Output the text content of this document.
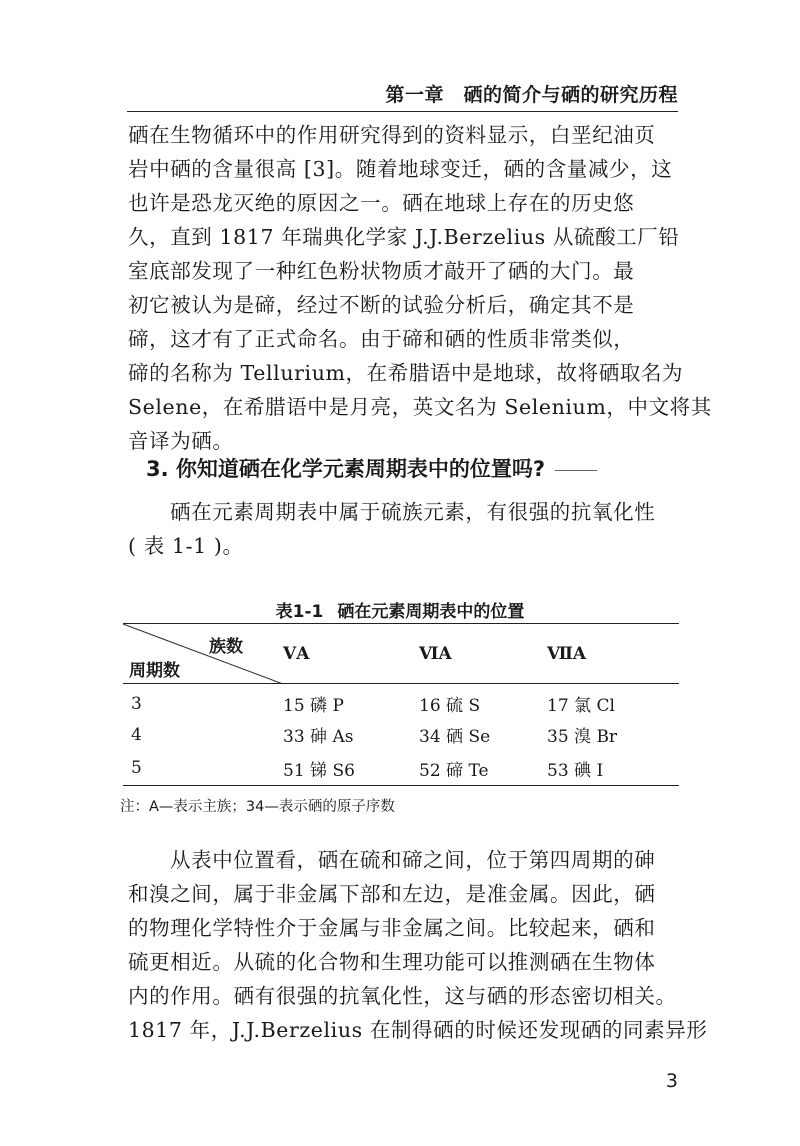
第一章　硒的简介与硒的研究历程
硒在生物循环中的作用研究得到的资料显示，白垩纪油页
岩中硒的含量很高 [3]。随着地球变迁，硒的含量减少，这
也许是恐龙灭绝的原因之一。硒在地球上存在的历史悠
久，直到 1817 年瑞典化学家 J.J.Berzelius 从硫酸工厂铅
室底部发现了一种红色粉状物质才敲开了硒的大门。最
初它被认为是碲，经过不断的试验分析后，确定其不是
碲，这才有了正式命名。由于碲和硒的性质非常类似，
碲的名称为 Tellurium，在希腊语中是地球，故将硒取名为
Selene，在希腊语中是月亮，英文名为 Selenium，中文将其
音译为硒。
3. 你知道硒在化学元素周期表中的位置吗?
硒在元素周期表中属于硫族元素，有很强的抗氧化性
( 表 1-1 )。
表1-1 硒在元素周期表中的位置
族数
周期数	ⅤA	ⅥA	ⅦA
3	15 磷 P	16 硫 S	17 氯 Cl
4	33 砷 As	34 硒 Se	35 溴 Br
5	51 锑 S6	52 碲 Te	53 碘 I
注：A—表示主族；34—表示硒的原子序数
从表中位置看，硒在硫和碲之间，位于第四周期的砷
和溴之间，属于非金属下部和左边，是准金属。因此，硒
的物理化学特性介于金属与非金属之间。比较起来，硒和
硫更相近。从硫的化合物和生理功能可以推测硒在生物体
内的作用。硒有很强的抗氧化性，这与硒的形态密切相关。
1817 年，J.J.Berzelius 在制得硒的时候还发现硒的同素异形
3
